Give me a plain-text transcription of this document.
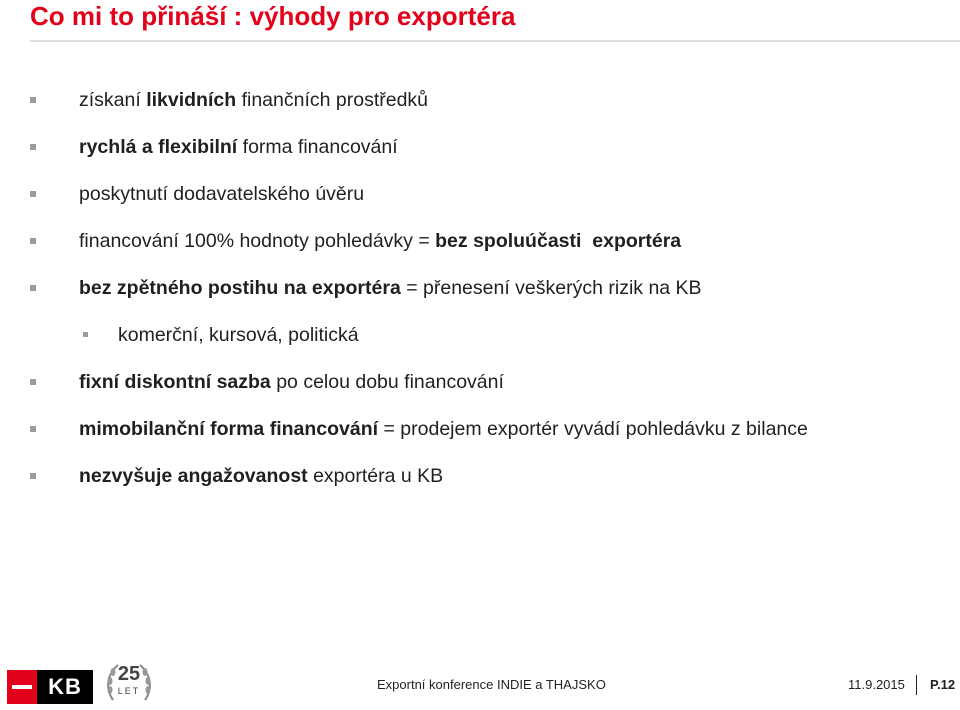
Co mi to přináší : výhody pro exportéra
získaní likvidních finančních prostředků
rychlá a flexibilní forma financování
poskytnutí dodavatelského úvěru
financování 100% hodnoty pohledávky = bez spoluúčasti  exportéra
bez zpětného postihu na exportéra = přenesení veškerých rizik na KB
komerční, kursová, politická
fixní diskontní sazba po celou dobu financování
mimobilanční forma financování = prodejem exportér vyvádí pohledávku z bilance
nezvyšuje angažovanost exportéra u KB
KB	25
LET	Exportní konference INDIE a THAJSKO	11.9.2015 P.12
